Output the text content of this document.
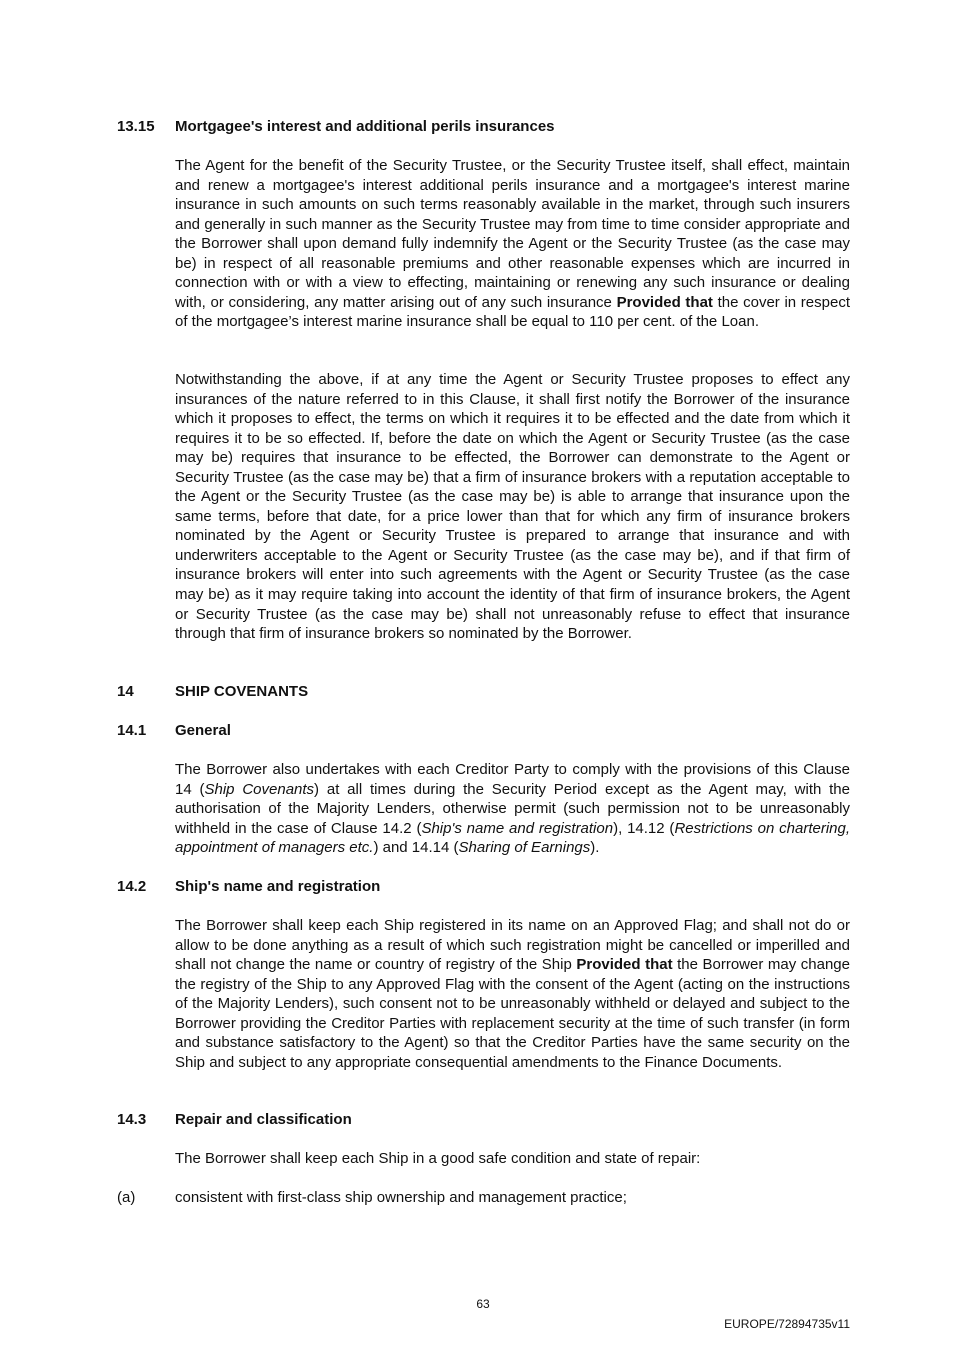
13.15 Mortgagee's interest and additional perils insurances

The Agent for the benefit of the Security Trustee, or the Security Trustee itself, shall effect, maintain and renew a mortgagee's interest additional perils insurance and a mortgagee's interest marine insurance in such amounts on such terms reasonably available in the market, through such insurers and generally in such manner as the Security Trustee may from time to time consider appropriate and the Borrower shall upon demand fully indemnify the Agent or the Security Trustee (as the case may be) in respect of all reasonable premiums and other reasonable expenses which are incurred in connection with or with a view to effecting, maintaining or renewing any such insurance or dealing with, or considering, any matter arising out of any such insurance Provided that the cover in respect of the mortgagee’s interest marine insurance shall be equal to 110 per cent. of the Loan.

Notwithstanding the above, if at any time the Agent or Security Trustee proposes to effect any insurances of the nature referred to in this Clause, it shall first notify the Borrower of the insurance which it proposes to effect, the terms on which it requires it to be effected and the date from which it requires it to be so effected. If, before the date on which the Agent or Security Trustee (as the case may be) requires that insurance to be effected, the Borrower can demonstrate to the Agent or Security Trustee (as the case may be) that a firm of insurance brokers with a reputation acceptable to the Agent or the Security Trustee (as the case may be) is able to arrange that insurance upon the same terms, before that date, for a price lower than that for which any firm of insurance brokers nominated by the Agent or Security Trustee is prepared to arrange that insurance and with underwriters acceptable to the Agent or Security Trustee (as the case may be), and if that firm of insurance brokers will enter into such agreements with the Agent or Security Trustee (as the case may be) as it may require taking into account the identity of that firm of insurance brokers, the Agent or Security Trustee (as the case may be) shall not unreasonably refuse to effect that insurance through that firm of insurance brokers so nominated by the Borrower.

14	SHIP COVENANTS
14.1 General

The Borrower also undertakes with each Creditor Party to comply with the provisions of this Clause 14 (Ship Covenants) at all times during the Security Period except as the Agent may, with the authorisation of the Majority Lenders, otherwise permit (such permission not to be unreasonably withheld in the case of Clause 14.2 (Ship's name and registration), 14.12 (Restrictions on chartering, appointment of managers etc.) and 14.14 (Sharing of Earnings).

14.2 Ship's name and registration

The Borrower shall keep each Ship registered in its name on an Approved Flag; and shall not do or allow to be done anything as a result of which such registration might be cancelled or imperilled and shall not change the name or country of registry of the Ship Provided that the Borrower may change the registry of the Ship to any Approved Flag with the consent of the Agent (acting on the instructions of the Majority Lenders), such consent not to be unreasonably withheld or delayed and subject to the Borrower providing the Creditor Parties with replacement security at the time of such transfer (in form and substance satisfactory to the Agent) so that the Creditor Parties have the same security on the Ship and subject to any appropriate consequential amendments to the Finance Documents.

14.3 Repair and classification

The Borrower shall keep each Ship in a good safe condition and state of repair:

(a)	consistent with first-class ship ownership and management practice;
63
EUROPE/72894735v11
